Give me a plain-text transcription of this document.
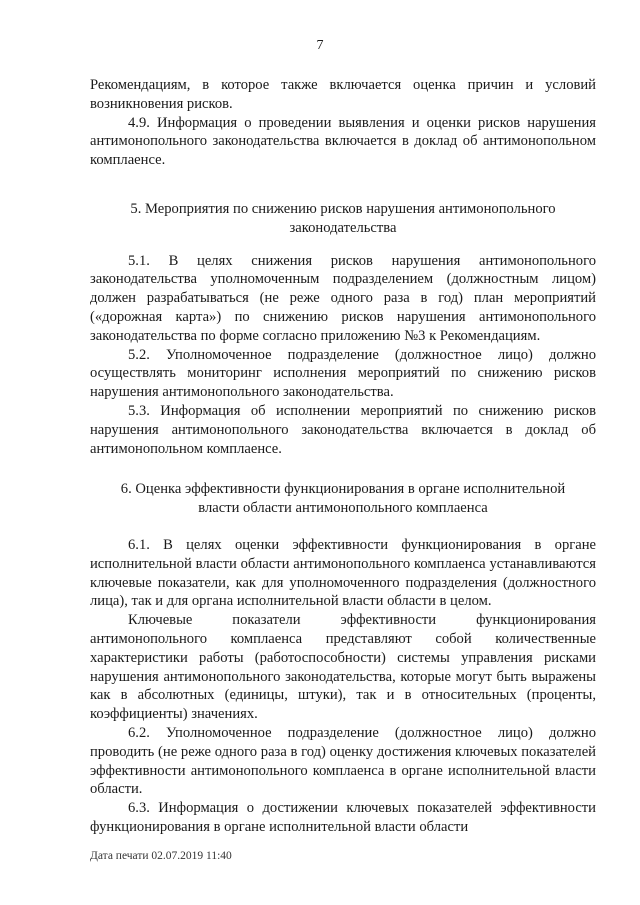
7

Рекомендациям, в которое также включается оценка причин и условий возникновения рисков.

4.9. Информация о проведении выявления и оценки рисков нарушения антимонопольного законодательства включается в доклад об антимонопольном комплаенсе.

5. Мероприятия по снижению рисков нарушения антимонопольного законодательства

5.1. В целях снижения рисков нарушения антимонопольного законодательства уполномоченным подразделением (должностным лицом) должен разрабатываться (не реже одного раза в год) план мероприятий («дорожная карта») по снижению рисков нарушения антимонопольного законодательства по форме согласно приложению №3 к Рекомендациям.

5.2. Уполномоченное подразделение (должностное лицо) должно осуществлять мониторинг исполнения мероприятий по снижению рисков нарушения антимонопольного законодательства.

5.3. Информация об исполнении мероприятий по снижению рисков нарушения антимонопольного законодательства включается в доклад об антимонопольном комплаенсе.

6. Оценка эффективности функционирования в органе исполнительной власти области антимонопольного комплаенса

6.1. В целях оценки эффективности функционирования в органе исполнительной власти области антимонопольного комплаенса устанавливаются ключевые показатели, как для уполномоченного подразделения (должностного лица), так и для органа исполнительной власти области в целом.

Ключевые показатели эффективности функционирования антимонопольного комплаенса представляют собой количественные характеристики работы (работоспособности) системы управления рисками нарушения антимонопольного законодательства, которые могут быть выражены как в абсолютных (единицы, штуки), так и в относительных (проценты, коэффициенты) значениях.

6.2. Уполномоченное подразделение (должностное лицо) должно проводить (не реже одного раза в год) оценку достижения ключевых показателей эффективности антимонопольного комплаенса в органе исполнительной власти области.

6.3. Информация о достижении ключевых показателей эффективности функционирования в органе исполнительной власти области

Дата печати 02.07.2019 11:40
